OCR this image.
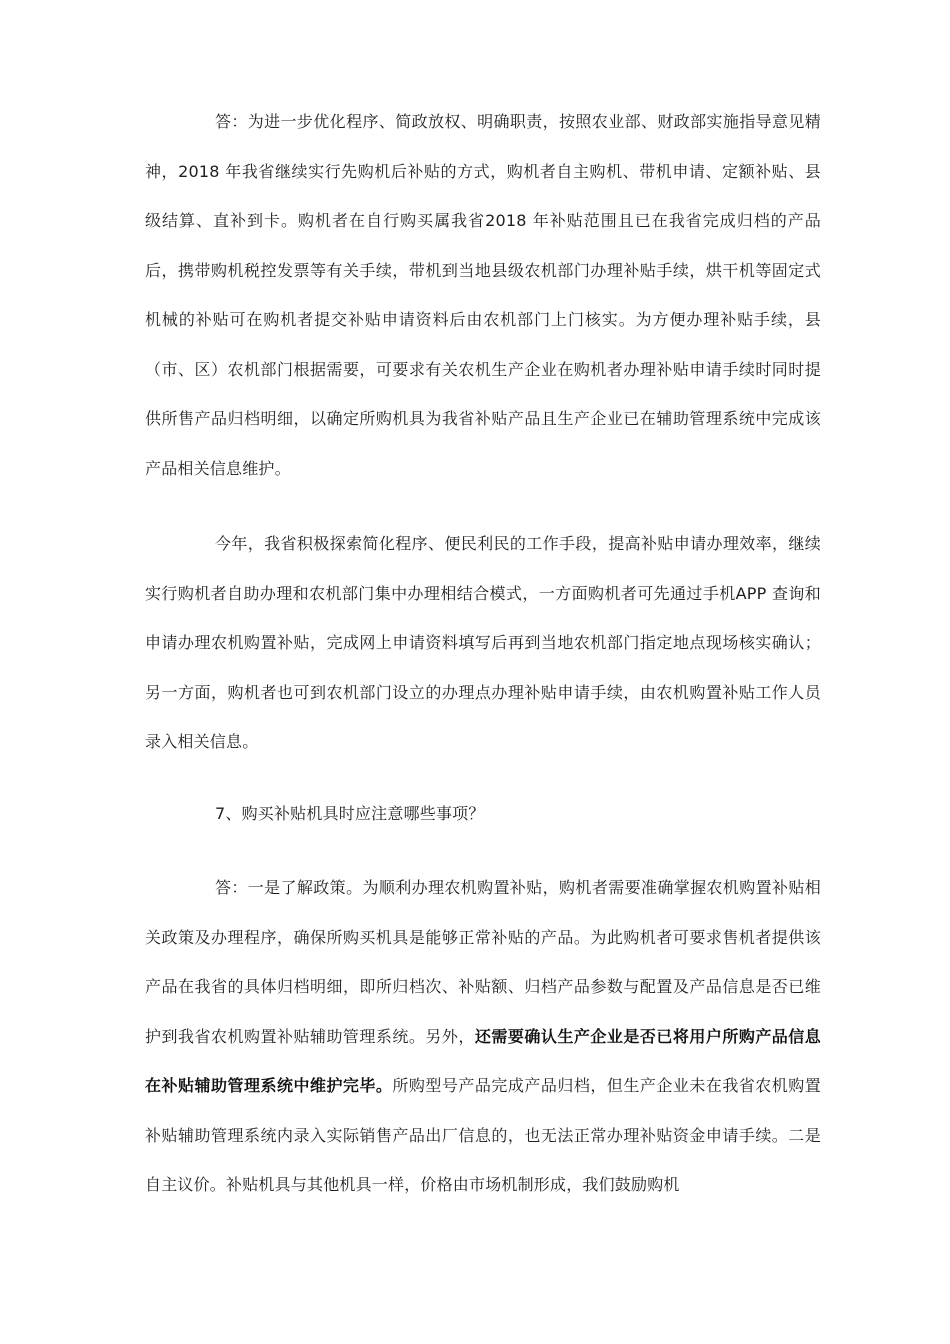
答：为进一步优化程序、简政放权、明确职责，按照农业部、财政部实施指导意见精神，2018 年我省继续实行先购机后补贴的方式，购机者自主购机、带机申请、定额补贴、县级结算、直补到卡。购机者在自行购买属我省2018 年补贴范围且已在我省完成归档的产品后，携带购机税控发票等有关手续，带机到当地县级农机部门办理补贴手续，烘干机等固定式机械的补贴可在购机者提交补贴申请资料后由农机部门上门核实。为方便办理补贴手续，县（市、区）农机部门根据需要，可要求有关农机生产企业在购机者办理补贴申请手续时同时提供所售产品归档明细，以确定所购机具为我省补贴产品且生产企业已在辅助管理系统中完成该产品相关信息维护。

今年，我省积极探索简化程序、便民利民的工作手段，提高补贴申请办理效率，继续实行购机者自助办理和农机部门集中办理相结合模式，一方面购机者可先通过手机APP 查询和申请办理农机购置补贴，完成网上申请资料填写后再到当地农机部门指定地点现场核实确认；另一方面，购机者也可到农机部门设立的办理点办理补贴申请手续，由农机购置补贴工作人员录入相关信息。

7、购买补贴机具时应注意哪些事项？

答：一是了解政策。为顺利办理农机购置补贴，购机者需要准确掌握农机购置补贴相关政策及办理程序，确保所购买机具是能够正常补贴的产品。为此购机者可要求售机者提供该产品在我省的具体归档明细，即所归档次、补贴额、归档产品参数与配置及产品信息是否已维护到我省农机购置补贴辅助管理系统。另外，还需要确认生产企业是否已将用户所购产品信息在补贴辅助管理系统中维护完毕。所购型号产品完成产品归档，但生产企业未在我省农机购置补贴辅助管理系统内录入实际销售产品出厂信息的，也无法正常办理补贴资金申请手续。二是自主议价。补贴机具与其他机具一样，价格由市场机制形成，我们鼓励购机
